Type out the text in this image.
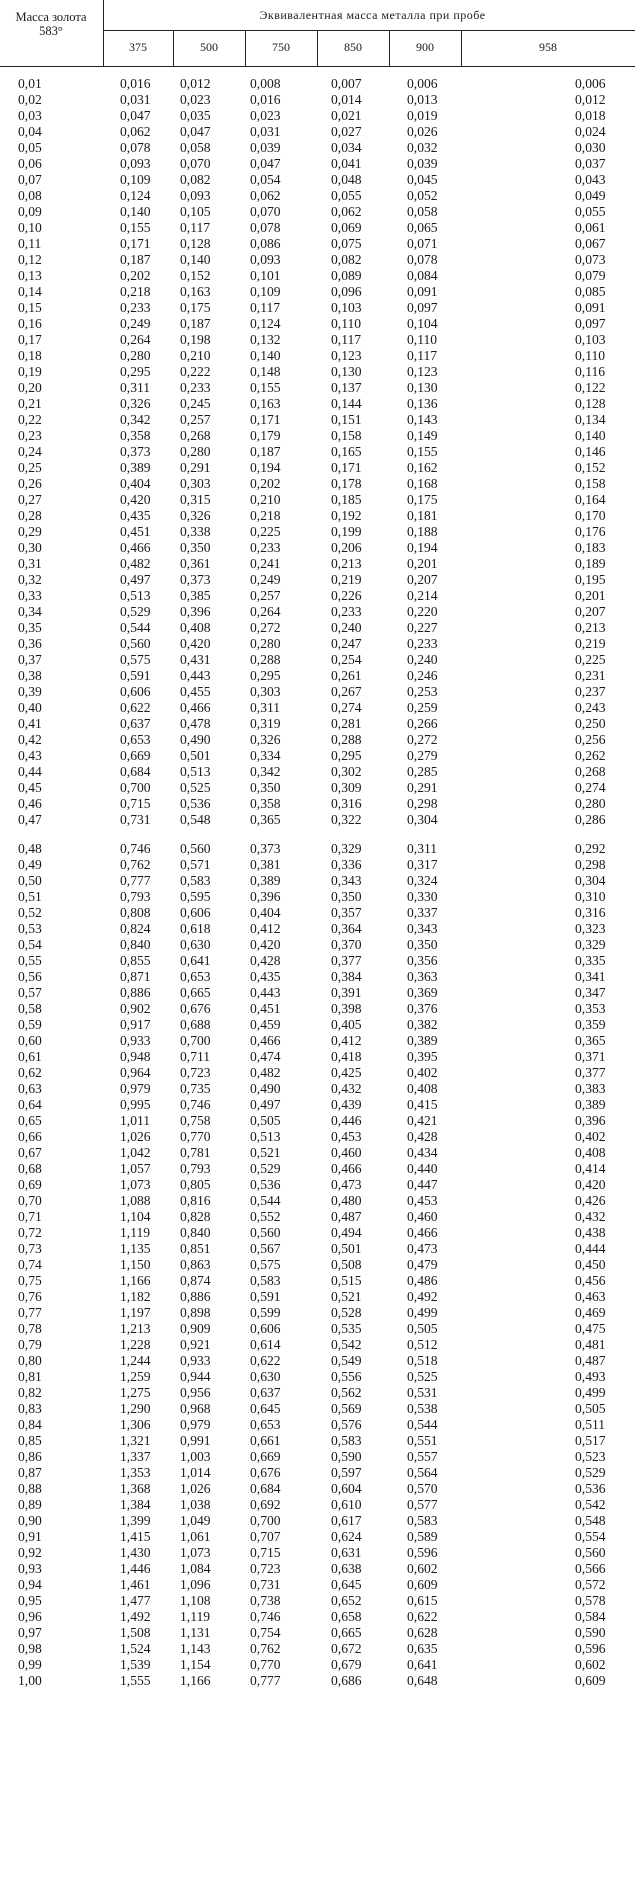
Масса золота
583°
Эквивалентная масса металла при пробе
375	500	750	850	900	958
0,01	0,016 0,012	0,008	0,007	0,006	0,006
0,02	0,031 0,023	0,016	0,014	0,013	0,012
0,03	0,047 0,035	0,023	0,021	0,019	0,018
0,04	0,062 0,047	0,031	0,027	0,026	0,024
0,05	0,078 0,058	0,039	0,034	0,032	0,030
0,06	0,093 0,070	0,047	0,041	0,039	0,037
0,07	0,109 0,082	0,054	0,048	0,045	0,043
0,08	0,124 0,093	0,062	0,055	0,052	0,049
0,09	0,140 0,105	0,070	0,062	0,058	0,055
0,10	0,155 0,117	0,078	0,069	0,065	0,061
0,11	0,171 0,128	0,086	0,075	0,071	0,067
0,12	0,187 0,140	0,093	0,082	0,078	0,073
0,13	0,202 0,152	0,101	0,089	0,084	0,079
0,14	0,218 0,163	0,109	0,096	0,091	0,085
0,15	0,233 0,175	0,117	0,103	0,097	0,091
0,16	0,249 0,187	0,124	0,110	0,104	0,097
0,17	0,264 0,198	0,132	0,117	0,110	0,103
0,18	0,280 0,210	0,140	0,123	0,117	0,110
0,19	0,295 0,222	0,148	0,130	0,123	0,116
0,20	0,311 0,233	0,155	0,137	0,130	0,122
0,21	0,326 0,245	0,163	0,144	0,136	0,128
0,22	0,342 0,257	0,171	0,151	0,143	0,134
0,23	0,358 0,268	0,179	0,158	0,149	0,140
0,24	0,373 0,280	0,187	0,165	0,155	0,146
0,25	0,389 0,291	0,194	0,171	0,162	0,152
0,26	0,404 0,303	0,202	0,178	0,168	0,158
0,27	0,420 0,315	0,210	0,185	0,175	0,164
0,28	0,435 0,326	0,218	0,192	0,181	0,170
0,29	0,451 0,338	0,225	0,199	0,188	0,176
0,30	0,466 0,350	0,233	0,206	0,194	0,183
0,31	0,482 0,361	0,241	0,213	0,201	0,189
0,32	0,497 0,373	0,249	0,219	0,207	0,195
0,33	0,513 0,385	0,257	0,226	0,214	0,201
0,34	0,529 0,396	0,264	0,233	0,220	0,207
0,35	0,544 0,408	0,272	0,240	0,227	0,213
0,36	0,560 0,420	0,280	0,247	0,233	0,219
0,37	0,575 0,431	0,288	0,254	0,240	0,225
0,38	0,591 0,443	0,295	0,261	0,246	0,231
0,39	0,606 0,455	0,303	0,267	0,253	0,237
0,40	0,622 0,466	0,311	0,274	0,259	0,243
0,41	0,637 0,478	0,319	0,281	0,266	0,250
0,42	0,653 0,490	0,326	0,288	0,272	0,256
0,43	0,669 0,501	0,334	0,295	0,279	0,262
0,44	0,684 0,513	0,342	0,302	0,285	0,268
0,45	0,700 0,525	0,350	0,309	0,291	0,274
0,46	0,715 0,536	0,358	0,316	0,298	0,280
0,47	0,731 0,548	0,365	0,322	0,304	0,286
0,48	0,746 0,560	0,373	0,329	0,311	0,292
0,49	0,762 0,571	0,381	0,336	0,317	0,298
0,50	0,777 0,583	0,389	0,343	0,324	0,304
0,51	0,793 0,595	0,396	0,350	0,330	0,310
0,52	0,808 0,606	0,404	0,357	0,337	0,316
0,53	0,824 0,618	0,412	0,364	0,343	0,323
0,54	0,840 0,630	0,420	0,370	0,350	0,329
0,55	0,855 0,641	0,428	0,377	0,356	0,335
0,56	0,871 0,653	0,435	0,384	0,363	0,341
0,57	0,886 0,665	0,443	0,391	0,369	0,347
0,58	0,902 0,676	0,451	0,398	0,376	0,353
0,59	0,917 0,688	0,459	0,405	0,382	0,359
0,60	0,933 0,700	0,466	0,412	0,389	0,365
0,61	0,948 0,711	0,474	0,418	0,395	0,371
0,62	0,964 0,723	0,482	0,425	0,402	0,377
0,63	0,979 0,735	0,490	0,432	0,408	0,383
0,64	0,995 0,746	0,497	0,439	0,415	0,389
0,65	1,011 0,758	0,505	0,446	0,421	0,396
0,66	1,026 0,770	0,513	0,453	0,428	0,402
0,67	1,042 0,781	0,521	0,460	0,434	0,408
0,68	1,057 0,793	0,529	0,466	0,440	0,414
0,69	1,073 0,805	0,536	0,473	0,447	0,420
0,70	1,088 0,816	0,544	0,480	0,453	0,426
0,71	1,104 0,828	0,552	0,487	0,460	0,432
0,72	1,119 0,840	0,560	0,494	0,466	0,438
0,73	1,135 0,851	0,567	0,501	0,473	0,444
0,74	1,150 0,863	0,575	0,508	0,479	0,450
0,75	1,166 0,874	0,583	0,515	0,486	0,456
0,76	1,182 0,886	0,591	0,521	0,492	0,463
0,77	1,197 0,898	0,599	0,528	0,499	0,469
0,78	1,213 0,909	0,606	0,535	0,505	0,475
0,79	1,228 0,921	0,614	0,542	0,512	0,481
0,80	1,244 0,933	0,622	0,549	0,518	0,487
0,81	1,259 0,944	0,630	0,556	0,525	0,493
0,82	1,275 0,956	0,637	0,562	0,531	0,499
0,83	1,290 0,968	0,645	0,569	0,538	0,505
0,84	1,306 0,979	0,653	0,576	0,544	0,511
0,85	1,321 0,991	0,661	0,583	0,551	0,517
0,86	1,337 1,003	0,669	0,590	0,557	0,523
0,87	1,353 1,014	0,676	0,597	0,564	0,529
0,88	1,368 1,026	0,684	0,604	0,570	0,536
0,89	1,384 1,038	0,692	0,610	0,577	0,542
0,90	1,399 1,049	0,700	0,617	0,583	0,548
0,91	1,415 1,061	0,707	0,624	0,589	0,554
0,92	1,430 1,073	0,715	0,631	0,596	0,560
0,93	1,446 1,084	0,723	0,638	0,602	0,566
0,94	1,461 1,096	0,731	0,645	0,609	0,572
0,95	1,477 1,108	0,738	0,652	0,615	0,578
0,96	1,492 1,119	0,746	0,658	0,622	0,584
0,97	1,508 1,131	0,754	0,665	0,628	0,590
0,98	1,524 1,143	0,762	0,672	0,635	0,596
0,99	1,539 1,154	0,770	0,679	0,641	0,602
1,00	1,555 1,166	0,777	0,686	0,648	0,609
